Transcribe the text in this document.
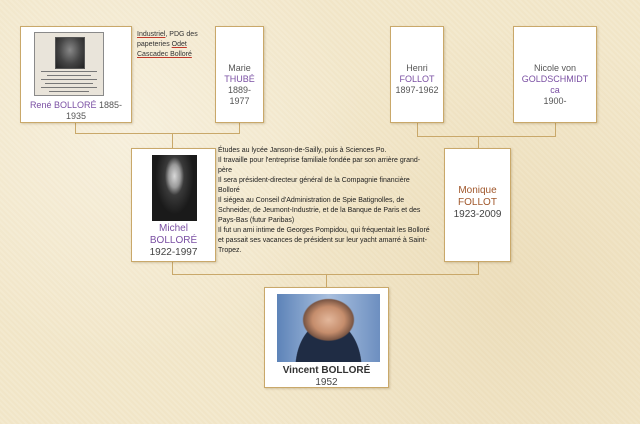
René BOLLORÉ 1885-1935
Industriel, PDG des papeteries Odet Cascadec Bolloré
Marie
THUBÉ
1889-1977
Henri
FOLLOT
1897-1962
Nicole von
GOLDSCHMIDT ca
1900-
Michel
BOLLORÉ
1922-1997

Études au lycée Janson-de-Sailly, puis à Sciences Po.

Il travaille pour l'entreprise familiale fondée par son arrière grand-père

Il sera président-directeur général de la Compagnie financière Bolloré

Il siégea au Conseil d'Administration de Spie Batignolles, de Schneider, de Jeumont-Industrie, et de la Banque de Paris et des Pays-Bas (futur Paribas)

Il fut un ami intime de Georges Pompidou, qui fréquentait les Bolloré et passait ses vacances de président sur leur yacht amarré à Saint-Tropez.

Monique
FOLLOT
1923-2009
Vincent BOLLORÉ
1952
